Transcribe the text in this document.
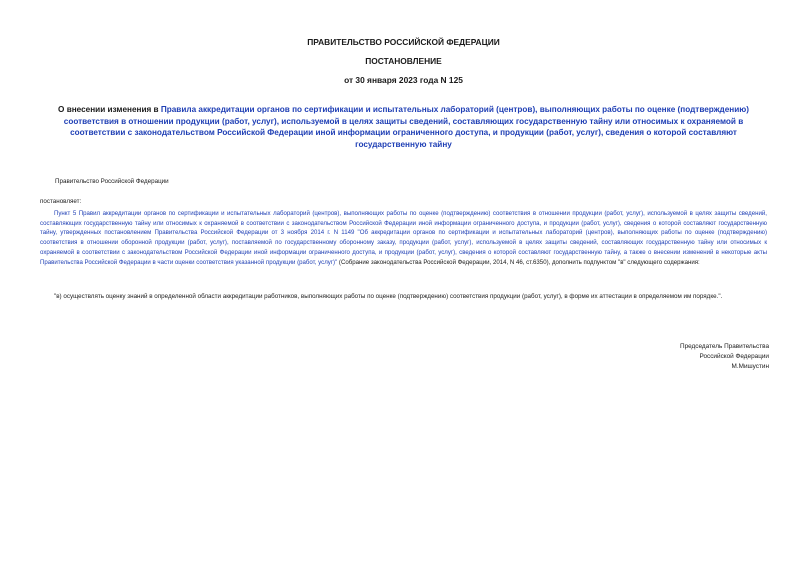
ПРАВИТЕЛЬСТВО РОССИЙСКОЙ ФЕДЕРАЦИИ
ПОСТАНОВЛЕНИЕ
от 30 января 2023 года N 125
О внесении изменения в Правила аккредитации органов по сертификации и испытательных лабораторий (центров), выполняющих работы по оценке (подтверждению) соответствия в отношении продукции (работ, услуг), используемой в целях защиты сведений, составляющих государственную тайну или относимых к охраняемой в соответствии с законодательством Российской Федерации иной информации ограниченного доступа, и продукции (работ, услуг), сведения о которой составляют государственную тайну
Правительство Российской Федерации
постановляет:
Пункт 5 Правил аккредитации органов по сертификации и испытательных лабораторий (центров), выполняющих работы по оценке (подтверждению) соответствия в отношении продукции (работ, услуг), используемой в целях защиты сведений, составляющих государственную тайну или относимых к охраняемой в соответствии с законодательством Российской Федерации иной информации ограниченного доступа, и продукции (работ, услуг), сведения о которой составляют государственную тайну, утвержденных постановлением Правительства Российской Федерации от 3 ноября 2014 г. N 1149 "Об аккредитации органов по сертификации и испытательных лабораторий (центров), выполняющих работы по оценке (подтверждению) соответствия в отношении оборонной продукции (работ, услуг), поставляемой по государственному оборонному заказу, продукции (работ, услуг), используемой в целях защиты сведений, составляющих государственную тайну или относимых к охраняемой в соответствии с законодательством Российской Федерации иной информации ограниченного доступа, и продукции (работ, услуг), сведения о которой составляют государственную тайну, а также о внесении изменений в некоторые акты Правительства Российской Федерации в части оценки соответствия указанной продукции (работ, услуг)" (Собрание законодательства Российской Федерации, 2014, N 46, ст.6350), дополнить подпунктом "в" следующего содержания:
"в) осуществлять оценку знаний в определенной области аккредитации работников, выполняющих работы по оценке (подтверждению) соответствия продукции (работ, услуг), в форме их аттестации в определяемом им порядке.".
Председатель Правительства
Российской Федерации
М.Мишустин
